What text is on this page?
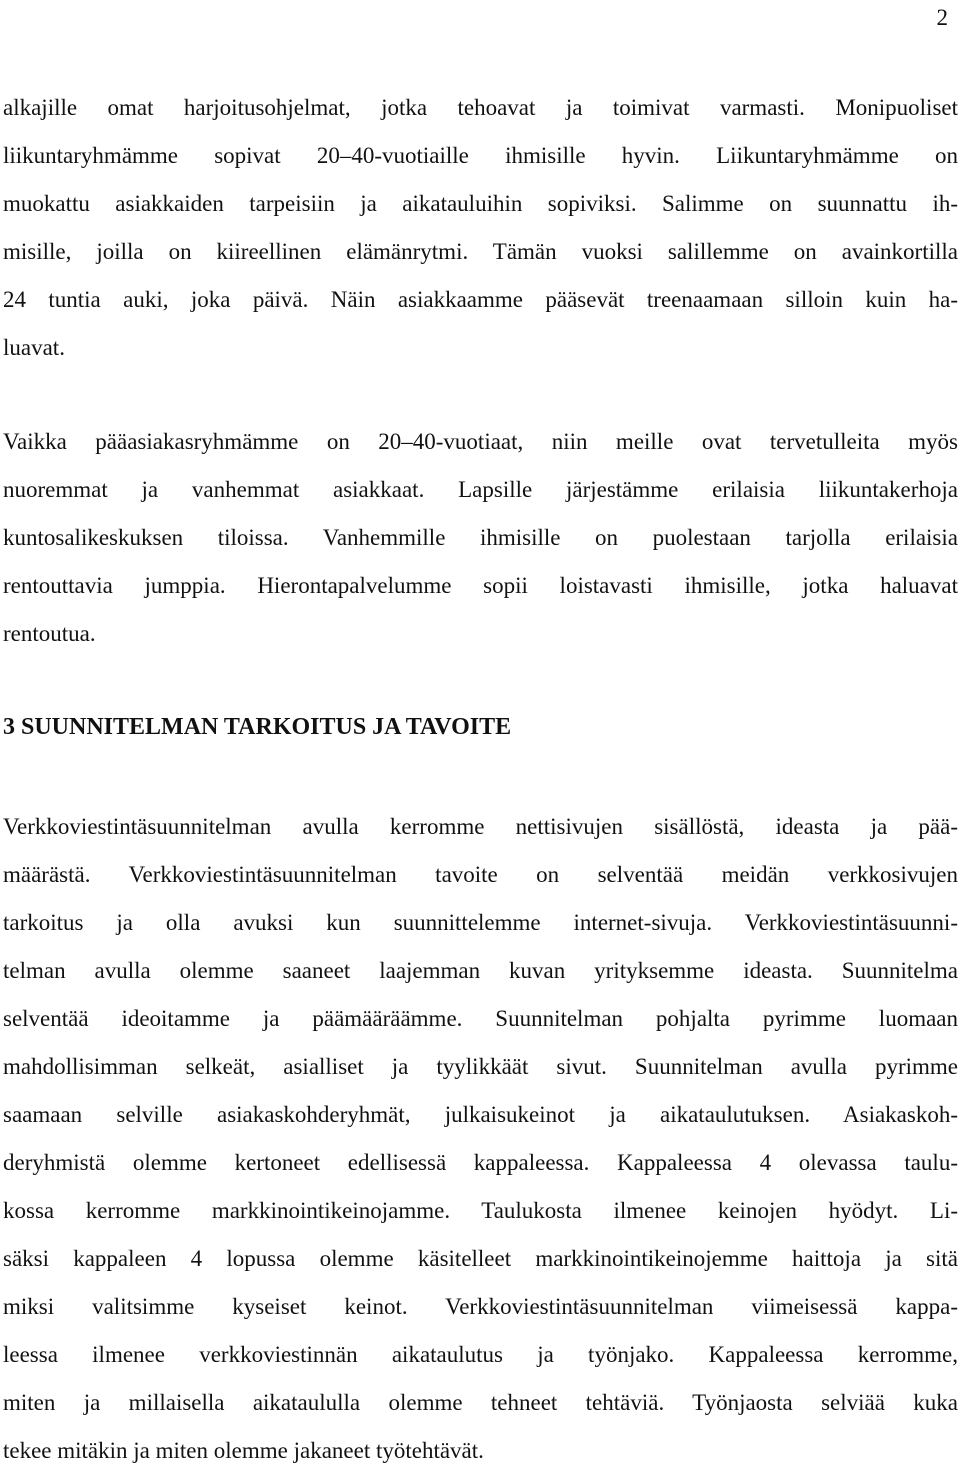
2

alkajille omat harjoitusohjelmat, jotka tehoavat ja toimivat varmasti. Monipuoliset
liikuntaryhmämme sopivat 20–40-vuotiaille ihmisille hyvin. Liikuntaryhmämme on
muokattu asiakkaiden tarpeisiin ja aikatauluihin sopiviksi. Salimme on suunnattu ih-
misille, joilla on kiireellinen elämänrytmi. Tämän vuoksi salillemme on avainkortilla
24 tuntia auki, joka päivä. Näin asiakkaamme pääsevät treenaamaan silloin kuin ha-
luavat.

Vaikka pääasiakasryhmämme on 20–40-vuotiaat, niin meille ovat tervetulleita myös
nuoremmat ja vanhemmat asiakkaat. Lapsille järjestämme erilaisia liikuntakerhoja
kuntosalikeskuksen tiloissa. Vanhemmille ihmisille on puolestaan tarjolla erilaisia
rentouttavia jumppia. Hierontapalvelumme sopii loistavasti ihmisille, jotka haluavat
rentoutua.

3 SUUNNITELMAN TARKOITUS JA TAVOITE

Verkkoviestintäsuunnitelman avulla kerromme nettisivujen sisällöstä, ideasta ja pää-
määrästä. Verkkoviestintäsuunnitelman tavoite on selventää meidän verkkosivujen
tarkoitus ja olla avuksi kun suunnittelemme internet-sivuja. Verkkoviestintäsuunni-
telman avulla olemme saaneet laajemman kuvan yrityksemme ideasta. Suunnitelma
selventää ideoitamme ja päämääräämme. Suunnitelman pohjalta pyrimme luomaan
mahdollisimman selkeät, asialliset ja tyylikkäät sivut. Suunnitelman avulla pyrimme
saamaan selville asiakaskohderyhmät, julkaisukeinot ja aikataulutuksen. Asiakaskoh-
deryhmistä olemme kertoneet edellisessä kappaleessa. Kappaleessa 4 olevassa taulu-
kossa kerromme markkinointikeinojamme. Taulukosta ilmenee keinojen hyödyt. Li-
säksi kappaleen 4 lopussa olemme käsitelleet markkinointikeinojemme haittoja ja sitä
miksi valitsimme kyseiset keinot. Verkkoviestintäsuunnitelman viimeisessä kappa-
leessa ilmenee verkkoviestinnän aikataulutus ja työnjako. Kappaleessa kerromme,
miten ja millaisella aikataululla olemme tehneet tehtäviä. Työnjaosta selviää kuka
tekee mitäkin ja miten olemme jakaneet työtehtävät.
